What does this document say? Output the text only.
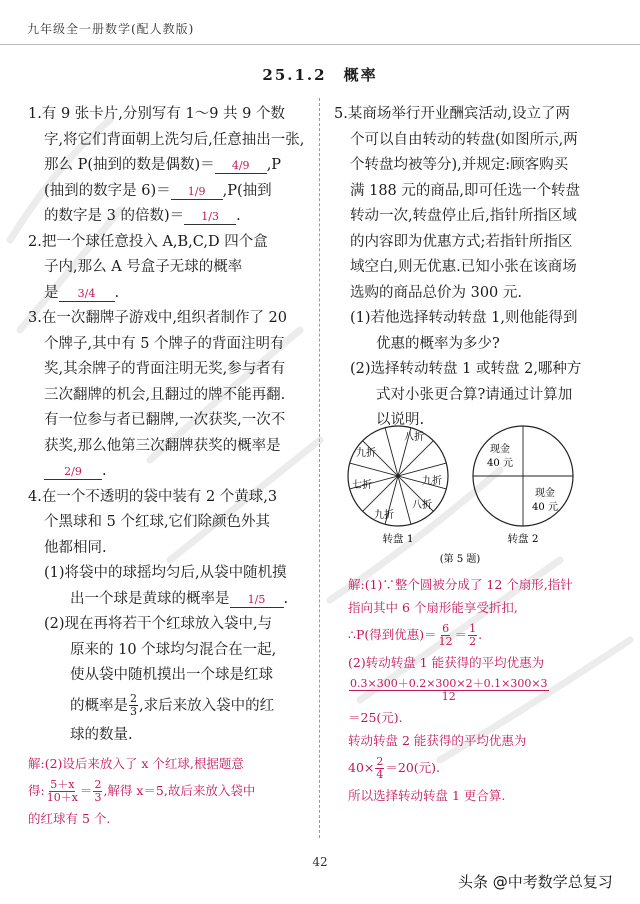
九年级全一册数学(配人教版)
25.1.2　概率

1.有 9 张卡片,分别写有 1～9 共 9 个数

字,将它们背面朝上洗匀后,任意抽出一张,

那么 P(抽到的数是偶数)＝ 4/9 ,P

(抽到的数字是 6)＝ 1/9 ,P(抽到

的数字是 3 的倍数)＝ 1/3 .

2.把一个球任意投入 A,B,C,D 四个盒

子内,那么 A 号盒子无球的概率

是 3/4 .

3.在一次翻牌子游戏中,组织者制作了 20

个牌子,其中有 5 个牌子的背面注明有

奖,其余牌子的背面注明无奖,参与者有

三次翻牌的机会,且翻过的牌不能再翻.

有一位参与者已翻牌,一次获奖,一次不

获奖,那么他第三次翻牌获奖的概率是

2/9 .

4.在一个不透明的袋中装有 2 个黄球,3

个黑球和 5 个红球,它们除颜色外其

他都相同.

(1)将袋中的球摇均匀后,从袋中随机摸

出一个球是黄球的概率是 1/5 .

(2)现在再将若干个红球放入袋中,与

原来的 10 个球均匀混合在一起,

使从袋中随机摸出一个球是红球

的概率是 $\frac{2}{3}$ ,求后来放入袋中的红

球的数量.

解:(2)设后来放入了 x 个红球,根据题意

得: $\frac{5+x}{10+x} = \frac{2}{3}$ ,解得 x＝5,故后来放入袋中

的红球有 5 个.

5.某商场举行开业酬宾活动,设立了两

个可以自由转动的转盘(如图所示,两

个转盘均被等分),并规定:顾客购买

满 188 元的商品,即可任选一个转盘

转动一次,转盘停止后,指针所指区域

的内容即为优惠方式;若指针所指区

域空白,则无优惠.已知小张在该商场

选购的商品总价为 300 元.

(1)若他选择转动转盘 1,则他能得到

优惠的概率为多少?

(2)选择转动转盘 1 或转盘 2,哪种方

式对小张更合算?请通过计算加

以说明.

九折
八折
九折
七折
九折
八折
转盘 1
现金
40 元
现金
40 元
转盘 2
(第 5 题)

解:(1)∵整个圆被分成了 12 个扇形,指针

指向其中 6 个扇形能享受折扣,

∴P(得到优惠)＝ $\frac{6}{12} = \frac{1}{2}$ .

(2)转动转盘 1 能获得的平均优惠为

$\frac{0.3\times 300+0.2\times 300\times 2+0.1\times 300\times 3}{12}$

＝25(元).

转动转盘 2 能获得的平均优惠为

$40\times \frac{2}{4} =20$(元).

所以选择转动转盘 1 更合算.

42
头条 @中考数学总复习
